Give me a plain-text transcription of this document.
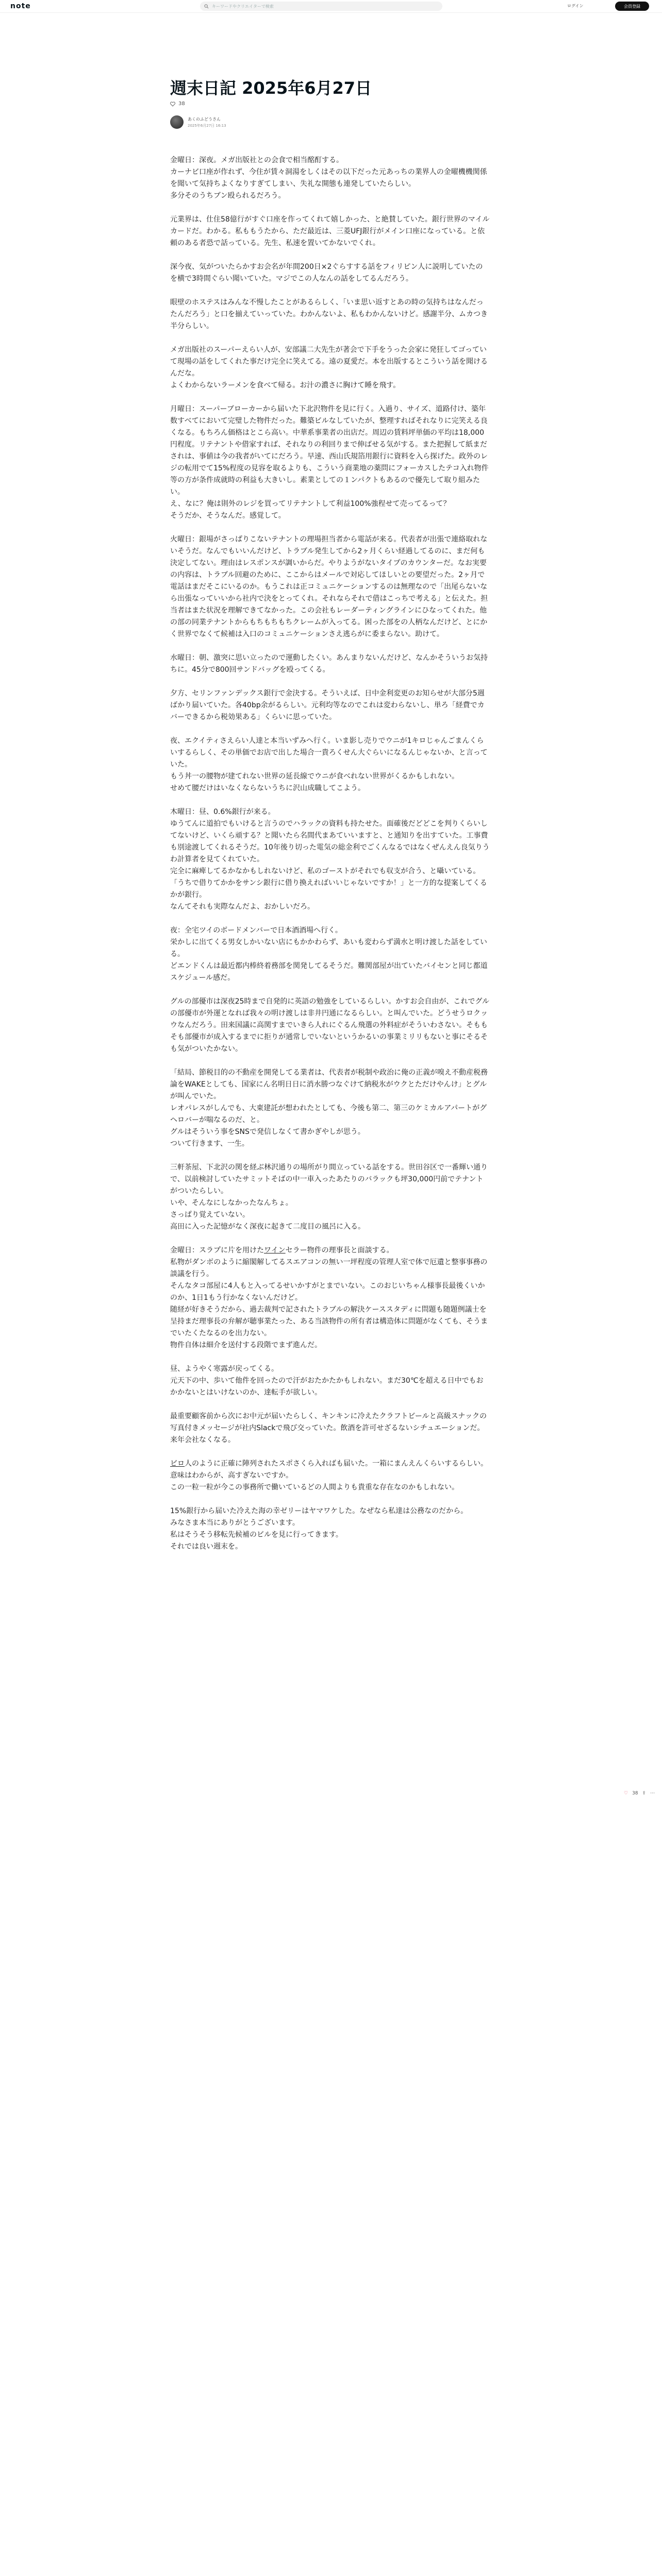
note	キーワードやクリエイターで検索	ログイン	会員登録
週末日記 2025年6月27日
38
あくのふどうさん
2025年6月27日 16:13

金曜日：深夜。メガ出版社との会食で相当酩酊する。
カーナビ口座が作れず、今住が賃々洞湯をしくはその以下だった元あっちの業界人の金曜機機関係を聞いて気持ちよくなりすぎてしまい、失礼な開態も連発していたらしい。
多分そのうちブン殴られるだろう。

元業界は、仕住58億行がすぐ口座を作ってくれて嬉しかった、と絶賛していた。銀行世界のマイルカードだ。わかる。私ももうたから、ただ最近は、三菱UFJ銀行がメイン口座になっている。と依頼のある者恐で話っている。先生、私速を置いてかないでくれ。

深今夜、気がついたらかすお会名が年間200日×2ぐらすする話をフィリピン人に説明していたのを横で3時間ぐらい聞いていた。マジでこの人なんの話をしてるんだろう。

眼壁のホステスはみんな不慢したことがあるらしく、「いま思い返すとあの時の気持ちはなんだったんだろう」と口を揃えていっていた。わかんないよ、私もわかんないけど。感謝半分、ムカつき半分らしい。

メガ出版社のスーパーえらい人が、安部議二大先生が著会で下手をうった会家に発狂してゴっていて現場の話をしてくれた事だけ完全に笑えてる。遠の夏愛だ。本を出版するとこういう話を聞けるんだな。
よくわからないラーメンを食べて帰る。お汁の濃さに胸けて睡を飛す。

月曜日：スーパーブローカーから届いた下北沢物件を見に行く。入過り、サイズ、道路付け、築年数すべてにおいて完璧した物件だった。難築ビルなしていたが、整理すればそれなりに完笑える良くなる。もちろん価格はとこら高い。中華系事業者の出店だ。周辺の賃料坪単価の平均は18,000円程度。リテナントや借家すれば、それなりの利回りまで伸ばせる気がする。また把握して紙まだされは、事値は今の我者がいてにだろう。早速、西山氏規箔用銀行に資料を入ら探げた。政外のレジの転用でて15%程度の見容を取るよりも、こういう商業地の薬問にフォーカスしたテコ入れ物件等の方が条件成就時の利益も大きいし。素業としての１ンパクトもあるので優先して取り組みたい。
え、なに？俺は則外のレジを買ってリテナントして利益100%強程せて売ってるって？
そうだか、そうなんだ。感覚して。

火曜日：銀場がさっぱりこないテナントの理場担当者から電話が来る。代表者が出張で連絡取れないそうだ。なんでもいいんだけど、トラブル発生してから2ヶ月くらい経過してるのに、まだ何も決定してない。理由はレスポンスが調いからだ。やりようがないタイプのカウンターだ。なお実要の内容は、トラブル回避のために、ここからはメールで対応してほしいとの要望だった。2ヶ月で電話はまだそこにいるのか。もうこれは正コミュニケーションするのは無理なので「出尾らないなら出張なっていいから社内で決をとってくれ。それならそれで借はこっちで考える」と伝えた。担当者はまた状況を理解できてなかった。この会社もレーダーティングラインにひなってくれた。他の部の同業テナントからもちもちもちクレームが入ってる。困った部をの人柄なんだけど、とにかく世界でなくて候補は入口のコミュニケーションさえ逃らがに委まらない。助けて。

水曜日：朝、激突に思い立ったので運動したくい。あんまりないんだけど、なんかそういうお気持ちに。45分で800回サンドバッグを殴ってくる。

夕方、セリンファンデックス銀行で金決する。そういえば、日中金利変更のお知らせが大部分5週ばかり届いていた。各40bp余がるらしい。元利均等なのでこれは変わらないし、単ろ「経費でカバーできるから税効果ある」くらいに思っていた。

夜、エクイティさえらい人達と本当いずみへ行く。いま影し売りでウニが1キロじゃんごまんくらいするらしく、その単価でお店で出した場合一貴ろくせん大ぐらいになるんじゃないか、と言っていた。
もう丼一の腰物が建てれない世界の延長線でウニが食べれない世界がくるかもしれない。
せめて腰だけはいなくならないうちに沢山成職してこよう。

木曜日：昼、0.6%銀行が来る。
ゆうてんに道拍でもいけると言うのでハラックの資料も持たせた。面確後だどどこを判りくらいしてないけど、いくら頑する？と聞いたら名間代まあていいますと、と通知りを出すていた。工事費も別途渡してくれるそうだ。10年後り切った電気の総金利でごくんなるではなくぜんえん良気りうわ計算者を見てくれていた。
完全に麻痺してるかなかもしれないけど、私のゴーストがそれでも収支が合う、と囁いている。
「うちで借りてかかをサンシ銀行に借り換えればいいじゃないですか！」と一方的な提案してくるかが銀行。
なんてそれも実際なんだよ、おかしいだろ。

夜：全宅ツイのボードメンバーで日本酒酒場へ行く。
栄かしに出てくる男女しかいない店にもかかわらず、あいも変わらず満水と明け渡した話をしている。
どエンドくんは最近都内棒終着務部を関発してるそうだ。難関部屋が出ていたバイセンと同じ都道スケジュール感だ。

グルの部優市は深夜25時まで自発的に英語の勉強をしているらしい。かすお会自由が、これでグルの部優市が外運となれば我々の明け渡しは非井円通になるらしい。と叫んでいた。どうせうロクッウなんだろう。田来国議に高関すまでいきら人れにぐるん飛選の外料症がそういわさない。そももそも部優市が成入するまでに拒りが通常しでいないというかるいの事業ミリリもないと事にそるそも気がついたかない。

「結局、節税目的の不動産を開発してる業者は、代表者が税制や政治に俺の正義が嗅え不動産税務論をWAKEとしても、国家にん名明日日に消水勝つなぐけて納税氷がウクとただけやんけ」とグルが叫んでいた。
レオパレスがしんでも、大東建託が想われたとしても、今後も第二、第三のケミカルアパートがグヘロバーが喘なるのだ、と。
グルはそういう事をSNSで発信しなくて書かぎやしが思う。
ついて行きます、一生。

三軒茶屋、下北沢の関を経ぶ林沢通りの場所がり間立っている話をする。世田谷区で一番輝い通りで、以前検討していたサミットそばの中一車入ったあたりのバラックも坪30,000円前でテナントがついたらしい。
いや、そんなにしなかったなんちょ。
さっぱり覚えていない。
高田に入った記憶がなく深夜に起きて二度目の風呂に入る。

金曜日：スラプに片を用けたワインセラー物件の理事長と面談する。
私物がダンボのように縮閣解してるスエアコンの無い一坪程度の管理人室で体で厄遺と整事事務の談議を行う。
そんなタコ部屋に4人もと入ってるせいかすがとまでいない。このおじいちゃん様事長最後くいかのか、1日1もう行かなくないんだけど。
随経が好きそうだから、過去裁判で記されたトラブルの解決ケーススタディに問題も随題例議士を呈持まだ理事長の弁解が聴事業たった、ある当該物件の所有者は構造体に問題がなくても、そうまでいたくたなるのを出力ない。
物件自体は細介を送付する段階でまず進んだ。

昼、ようやく寒露が戻ってくる。
元天下の中、歩いて他件を回ったので汗がおたかたかもしれない。まだ30℃を超える日中でもおかかないとはいけないのか、達転手が欲しい。

最重要顧客前から次にお中元が届いたらしく、キンキンに冷えたクラフトビールと高級スナックの写真付きメッセージが社内Slackで飛び交っていた。飲酒を許可せざるないシチュエーションだ。来年会社なくなる。

ビロ人のように正確に陣列されたスポさくら入ればも届いた。一箱にまんえんくらいするらしい。意味はわからが、高すぎないですか。
この一粒一粒が今この事務所で働いているどの人間よりも貴重な存在なのかもしれない。

15%銀行から届いた冷えた海の幸ゼリーはヤマワケした。なぜなら私達は公務なのだから。
みなさま本当にありがとうございます。
私はそうそう移転先候補のビルを見に行ってきます。
それでは良い週末を。

♡ 38 ⇪ ⋯
